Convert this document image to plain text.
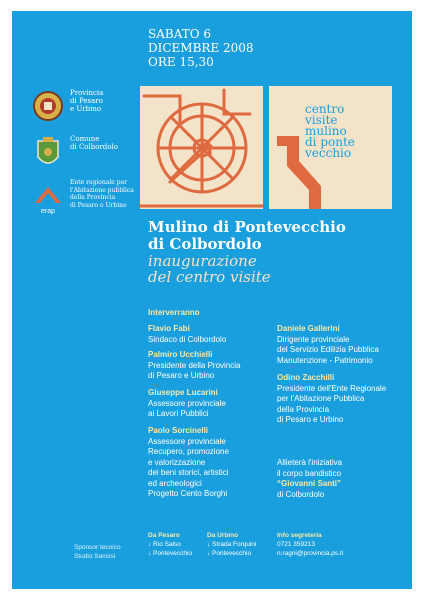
SABATO 6
DICEMBRE 2008
ORE 15,30
Provincia
di Pesaro
e Urbino
Comune
di Colbordolo
erap
Ente regionale per
l'Abitazione pubblica
della Provincia
di Pesaro e Urbino
centro
visite
mulino
di ponte
vecchio
Mulino di Pontevecchio
di Colbordolo
inaugurazione
del centro visite
Interverranno
Flavio Fabi
Sindaco di Colbordolo
Palmiro Ucchielli
Presidente della Provincia
di Pesaro e Urbino
Giuseppe Lucarini
Assessore provinciale
ai Lavori Pubblici
Paolo Sorcinelli
Assessore provinciale
Recupero, promozione
e valorizzazione
dei beni storici, artistici
ed archeologici
Progetto Cento Borghi
Daniele Gallerini
Dirigente provinciale
del Servizio Edilizia Pubblica
Manutenzione - Patrimonio
Odino Zacchilli
Presidente dell'Ente Regionale
per l'Abitazione Pubblica
della Provincia
di Pesaro e Urbino
Allieterà l'iniziativa
il corpo bandistico
“Giovanni Santi”
di Colbordolo
Sponsor tecnico
Studio Sancisi
Da Pesaro
↓ Rio Salso
↓ Pontevecchio
Da Urbino
↓ Strada Forquini
↓ Pontevecchio
Info segreteria
0721 359213
n.ragni@provincia.ps.it
